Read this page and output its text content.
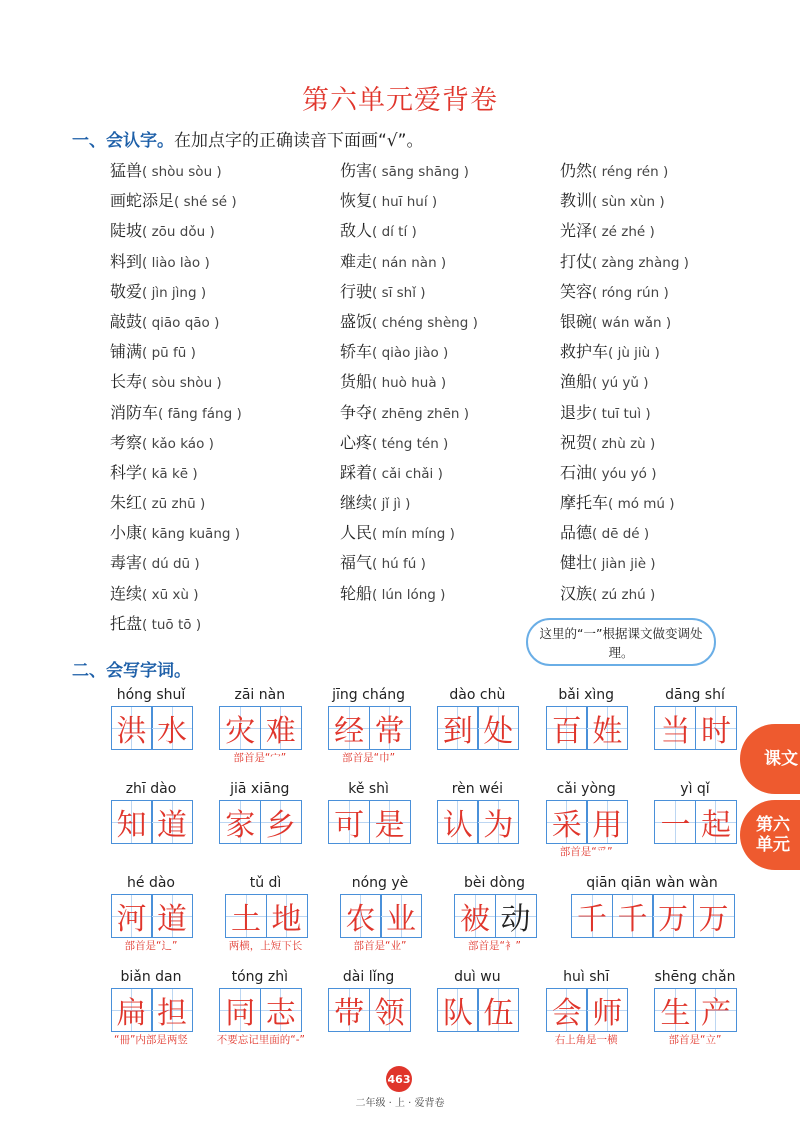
第六单元爱背卷
一、会认字。在加点字的正确读音下面画“√”。
猛兽( shòu sòu )
画蛇添足( shé sé )
陡坡( zōu dǒu )
料到( liào lào )
敬爱( jìn jìng )
敲鼓( qiāo qāo )
铺满( pū fū )
长寿( sòu shòu )
消防车( fāng fáng )
考察( kǎo káo )
科学( kā kē )
朱红( zū zhū )
小康( kāng kuāng )
毒害( dú dū )
连续( xū xù )
托盘( tuō tō )
伤害( sāng shāng )
恢复( huī huí )
敌人( dí tí )
难走( nán nàn )
行驶( sī shǐ )
盛饭( chéng shèng )
轿车( qiào jiào )
货船( huò huà )
争夺( zhēng zhēn )
心疼( téng tén )
踩着( cǎi chǎi )
继续( jǐ jì )
人民( mín míng )
福气( hú fú )
轮船( lún lóng )
仍然( réng rén )
教训( sùn xùn )
光泽( zé zhé )
打仗( zàng zhàng )
笑容( róng rún )
银碗( wán wǎn )
救护车( jù jiù )
渔船( yú yǔ )
退步( tuī tuì )
祝贺( zhù zù )
石油( yóu yó )
摩托车( mó mú )
品德( dē dé )
健壮( jiàn jiè )
汉族( zú zhú )
这里的“一”根据课文做变调处理。
二、会写字词。
hóng shuǐ
洪 水
zāi nàn
灾 难
部首是“宀”
jīng cháng
经 常
部首是“巾”
dào chù
到 处
bǎi xìng
百 姓
dāng shí
当 时
zhī dào
知 道
jiā xiāng
家 乡
kě shì
可 是
rèn wéi
认 为
cǎi yòng
采 用
部首是“爫”
yì qǐ
一 起
hé dào
河 道
部首是“辶”
tǔ dì
土 地
两横，上短下长
nóng yè
农 业
部首是“业”
bèi dòng
被 动
部首是“衤”
qiān qiān wàn wàn
千 千 万 万
biǎn dan
扁 担
“冊”内部是两竖
tóng zhì
同 志
不要忘记里面的“-”
dài lǐng
带 领
duì wu
队 伍
huì shī
会 师
右上角是一横
shēng chǎn
生 产
部首是“立”
课文
第六单元
463
二年级 · 上 · 爱背卷
